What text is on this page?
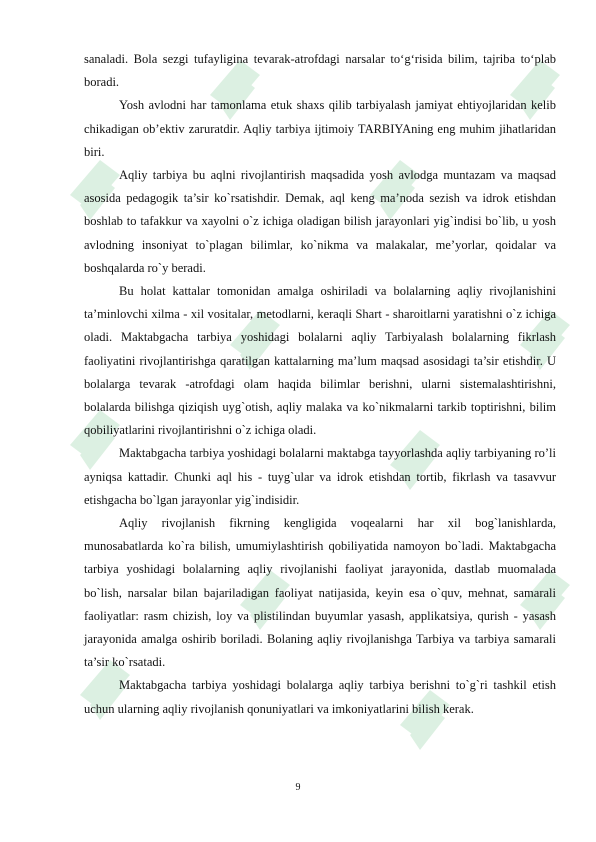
sanaladi. Bola sezgi tufayligina tevarak-atrofdagi narsalar to‘g‘risida bilim, tajriba to‘plab boradi.

Yosh avlodni har tamonlama etuk shaxs qilib tarbiyalash jamiyat ehtiyojlaridan kelib chikadigan ob’ektiv zaruratdir. Aqliy tarbiya ijtimoiy TARBIYAning eng muhim jihatlaridan biri.

Aqliy tarbiya bu aqlni rivojlantirish maqsadida yosh avlodga muntazam va maqsad asosida pedagogik ta’sir ko`rsatishdir. Demak, aql keng ma’noda sezish va idrok etishdan boshlab to tafakkur va xayolni o`z ichiga oladigan bilish jarayonlari yig`indisi bo`lib, u yosh avlodning insoniyat to`plagan bilimlar, ko`nikma va malakalar, me’yorlar, qoidalar va boshqalarda ro`y beradi.

Bu holat kattalar tomonidan amalga oshiriladi va bolalarning aqliy rivojlanishini ta’minlovchi xilma - xil vositalar, metodlarni, keraqli Shart - sharoitlarni yaratishni o`z ichiga oladi. Maktabgacha tarbiya yoshidagi bolalarni aqliy Tarbiyalash bolalarning fikrlash faoliyatini rivojlantirishga qaratilgan kattalarning ma’lum maqsad asosidagi ta’sir etishdir. U bolalarga tevarak -atrofdagi olam haqida bilimlar berishni, ularni sistemalashtirishni, bolalarda bilishga qiziqish uyg`otish, aqliy malaka va ko`nikmalarni tarkib toptirishni, bilim qobiliyatlarini rivojlantirishni o`z ichiga oladi.

Maktabgacha tarbiya yoshidagi bolalarni maktabga tayyorlashda aqliy tarbiyaning ro’li ayniqsa kattadir. Chunki aql his - tuyg`ular va idrok etishdan tortib, fikrlash va tasavvur etishgacha bo`lgan jarayonlar yig`indisidir.

Aqliy rivojlanish fikrning kengligida voqealarni har xil bog`lanishlarda, munosabatlarda ko`ra bilish, umumiylashtirish qobiliyatida namoyon bo`ladi. Maktabgacha tarbiya yoshidagi bolalarning aqliy rivojlanishi faoliyat jarayonida, dastlab muomalada bo`lish, narsalar bilan bajariladigan faoliyat natijasida, keyin esa o`quv, mehnat, samarali faoliyatlar: rasm chizish, loy va plistilindan buyumlar yasash, applikatsiya, qurish - yasash jarayonida amalga oshirib boriladi. Bolaning aqliy rivojlanishga Tarbiya va tarbiya samarali ta’sir ko`rsatadi.

Maktabgacha tarbiya yoshidagi bolalarga aqliy tarbiya berishni to`g`ri tashkil etish uchun ularning aqliy rivojlanish qonuniyatlari va imkoniyatlarini bilish kerak.

9
